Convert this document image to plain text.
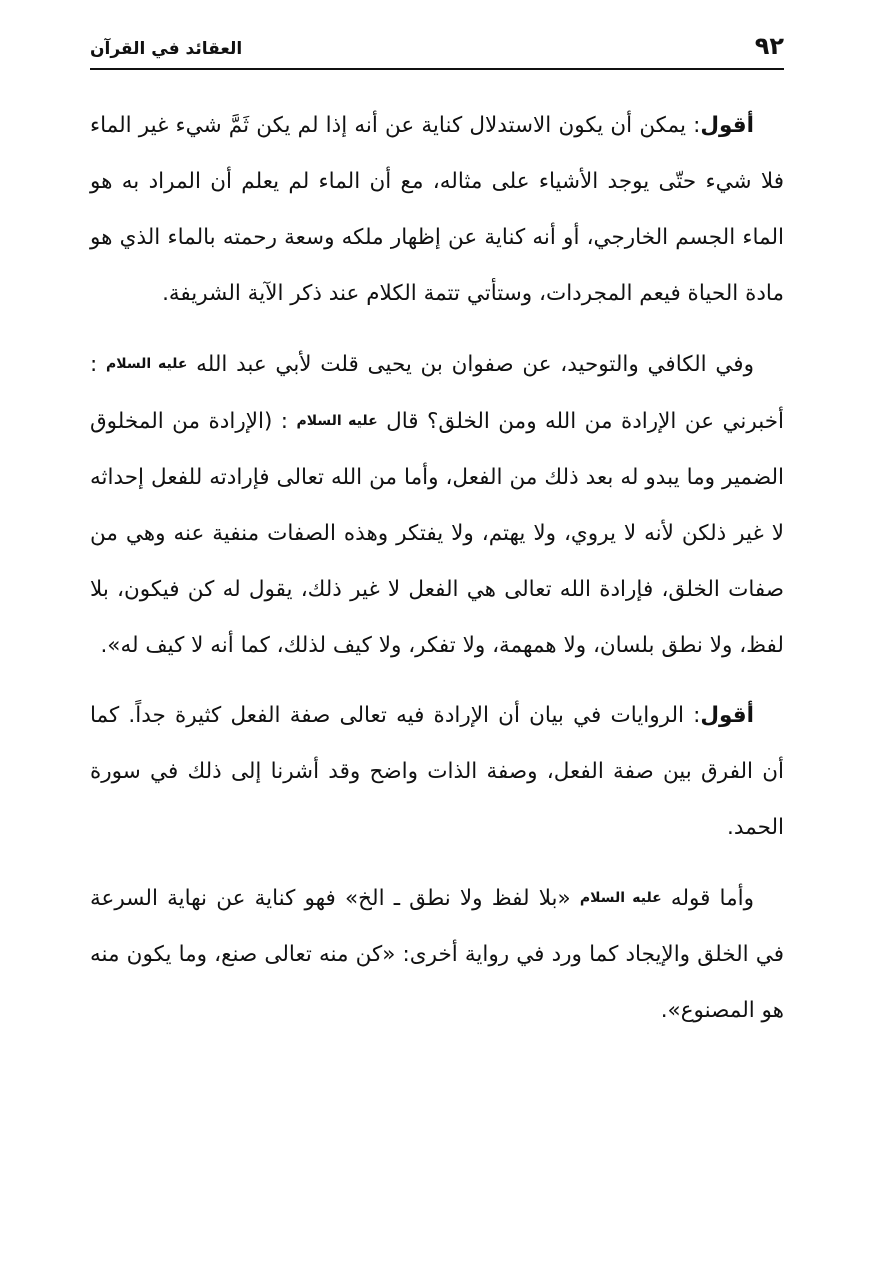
٩٢
العقائد في القرآن

أقول: يمكن أن يكون الاستدلال كناية عن أنه إذا لم يكن ثَمَّ شيء غير الماء فلا شيء حتّى يوجد الأشياء على مثاله، مع أن الماء لم يعلم أن المراد به هو الماء الجسم الخارجي، أو أنه كناية عن إظهار ملكه وسعة رحمته بالماء الذي هو مادة الحياة فيعم المجردات، وستأتي تتمة الكلام عند ذكر الآية الشريفة.

وفي الكافي والتوحيد، عن صفوان بن يحيى قلت لأبي عبد الله عليه السلام : أخبرني عن الإرادة من الله ومن الخلق؟ قال عليه السلام : (الإرادة من المخلوق الضمير وما يبدو له بعد ذلك من الفعل، وأما من الله تعالى فإرادته للفعل إحداثه لا غير ذلكن لأنه لا يروي، ولا يهتم، ولا يفتكر وهذه الصفات منفية عنه وهي من صفات الخلق، فإرادة الله تعالى هي الفعل لا غير ذلك، يقول له كن فيكون، بلا لفظ، ولا نطق بلسان، ولا همهمة، ولا تفكر، ولا كيف لذلك، كما أنه لا كيف له».

أقول: الروايات في بيان أن الإرادة فيه تعالى صفة الفعل كثيرة جداً. كما أن الفرق بين صفة الفعل، وصفة الذات واضح وقد أشرنا إلى ذلك في سورة الحمد.

وأما قوله عليه السلام «بلا لفظ ولا نطق ـ الخ» فهو كناية عن نهاية السرعة في الخلق والإيجاد كما ورد في رواية أخرى: «كن منه تعالى صنع، وما يكون منه هو المصنوع».
